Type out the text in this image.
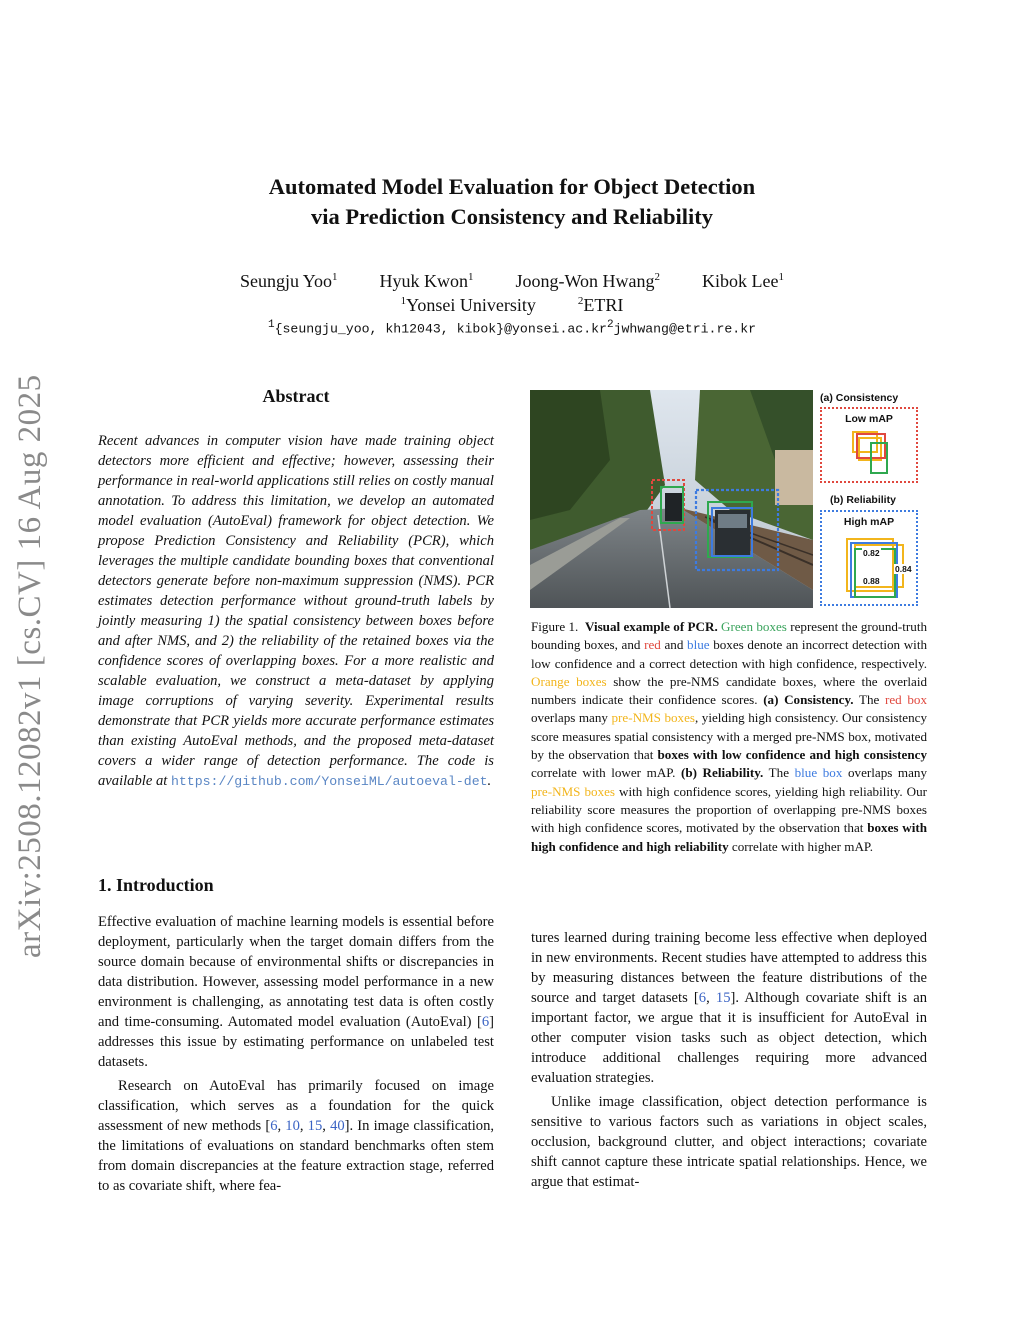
arXiv:2508.12082v1 [cs.CV] 16 Aug 2025
Automated Model Evaluation for Object Detection
via Prediction Consistency and Reliability
Seungju Yoo$^1$ Hyuk Kwon$^1$ Joong-Won Hwang$^2$ Kibok Lee$^1$
$^1$Yonsei University	$^2$ETRI
$^1${seungju_yoo, kh12043, $kibok\}@yonsei.ac.kr^2jwhwang@etri.re.kr$
Abstract

Recent advances in computer vision have made training object detectors more efficient and effective; however, assessing their performance in real-world applications still relies on costly manual annotation. To address this limitation, we develop an automated model evaluation (AutoEval) framework for object detection. We propose Prediction Consistency and Reliability (PCR), which leverages the multiple candidate bounding boxes that conventional detectors generate before non-maximum suppression (NMS). PCR estimates detection performance without ground-truth labels by jointly measuring 1) the spatial consistency between boxes before and after NMS, and 2) the reliability of the retained boxes via the confidence scores of overlapping boxes. For a more realistic and scalable evaluation, we construct a meta-dataset by applying image corruptions of varying severity. Experimental results demonstrate that PCR yields more accurate performance estimates than existing AutoEval methods, and the proposed meta-dataset covers a wider range of detection performance. The code is available at https://github.com/YonseiML/autoeval-det.

1. Introduction
(a) Consistency
Low mAP
(b) Reliability
High mAP
0.82
0.84
0.88

Figure 1. Visual example of PCR. Green boxes represent the ground-truth bounding boxes, and red and blue boxes denote an incorrect detection with low confidence and a correct detection with high confidence, respectively. Orange boxes show the pre-NMS candidate boxes, where the overlaid numbers indicate their confidence scores. (a) Consistency. The red box overlaps many pre-NMS boxes, yielding high consistency. Our consistency score measures spatial consistency with a merged pre-NMS box, motivated by the observation that boxes with low confidence and high consistency correlate with lower mAP. (b) Reliability. The blue box overlaps many pre-NMS boxes with high confidence scores, yielding high reliability. Our reliability score measures the proportion of overlapping pre-NMS boxes with high confidence scores, motivated by the observation that boxes with high confidence and high reliability correlate with higher mAP.

Effective evaluation of machine learning models is essential before deployment, particularly when the target domain differs from the source domain because of environmental shifts or discrepancies in data distribution. However, assessing model performance in a new environment is challenging, as annotating test data is often costly and time-consuming. Automated model evaluation (AutoEval) [6] addresses this issue by estimating performance on unlabeled test datasets.

Research on AutoEval has primarily focused on image classification, which serves as a foundation for the quick assessment of new methods [6, 10, 15, 40]. In image classification, the limitations of evaluations on standard benchmarks often stem from domain discrepancies at the feature extraction stage, referred to as covariate shift, where fea-

tures learned during training become less effective when deployed in new environments. Recent studies have attempted to address this by measuring distances between the feature distributions of the source and target datasets [6, 15]. Although covariate shift is an important factor, we argue that it is insufficient for AutoEval in other computer vision tasks such as object detection, which introduce additional challenges requiring more advanced evaluation strategies.

Unlike image classification, object detection performance is sensitive to various factors such as variations in object scales, occlusion, background clutter, and object interactions; covariate shift cannot capture these intricate spatial relationships. Hence, we argue that estimat-
